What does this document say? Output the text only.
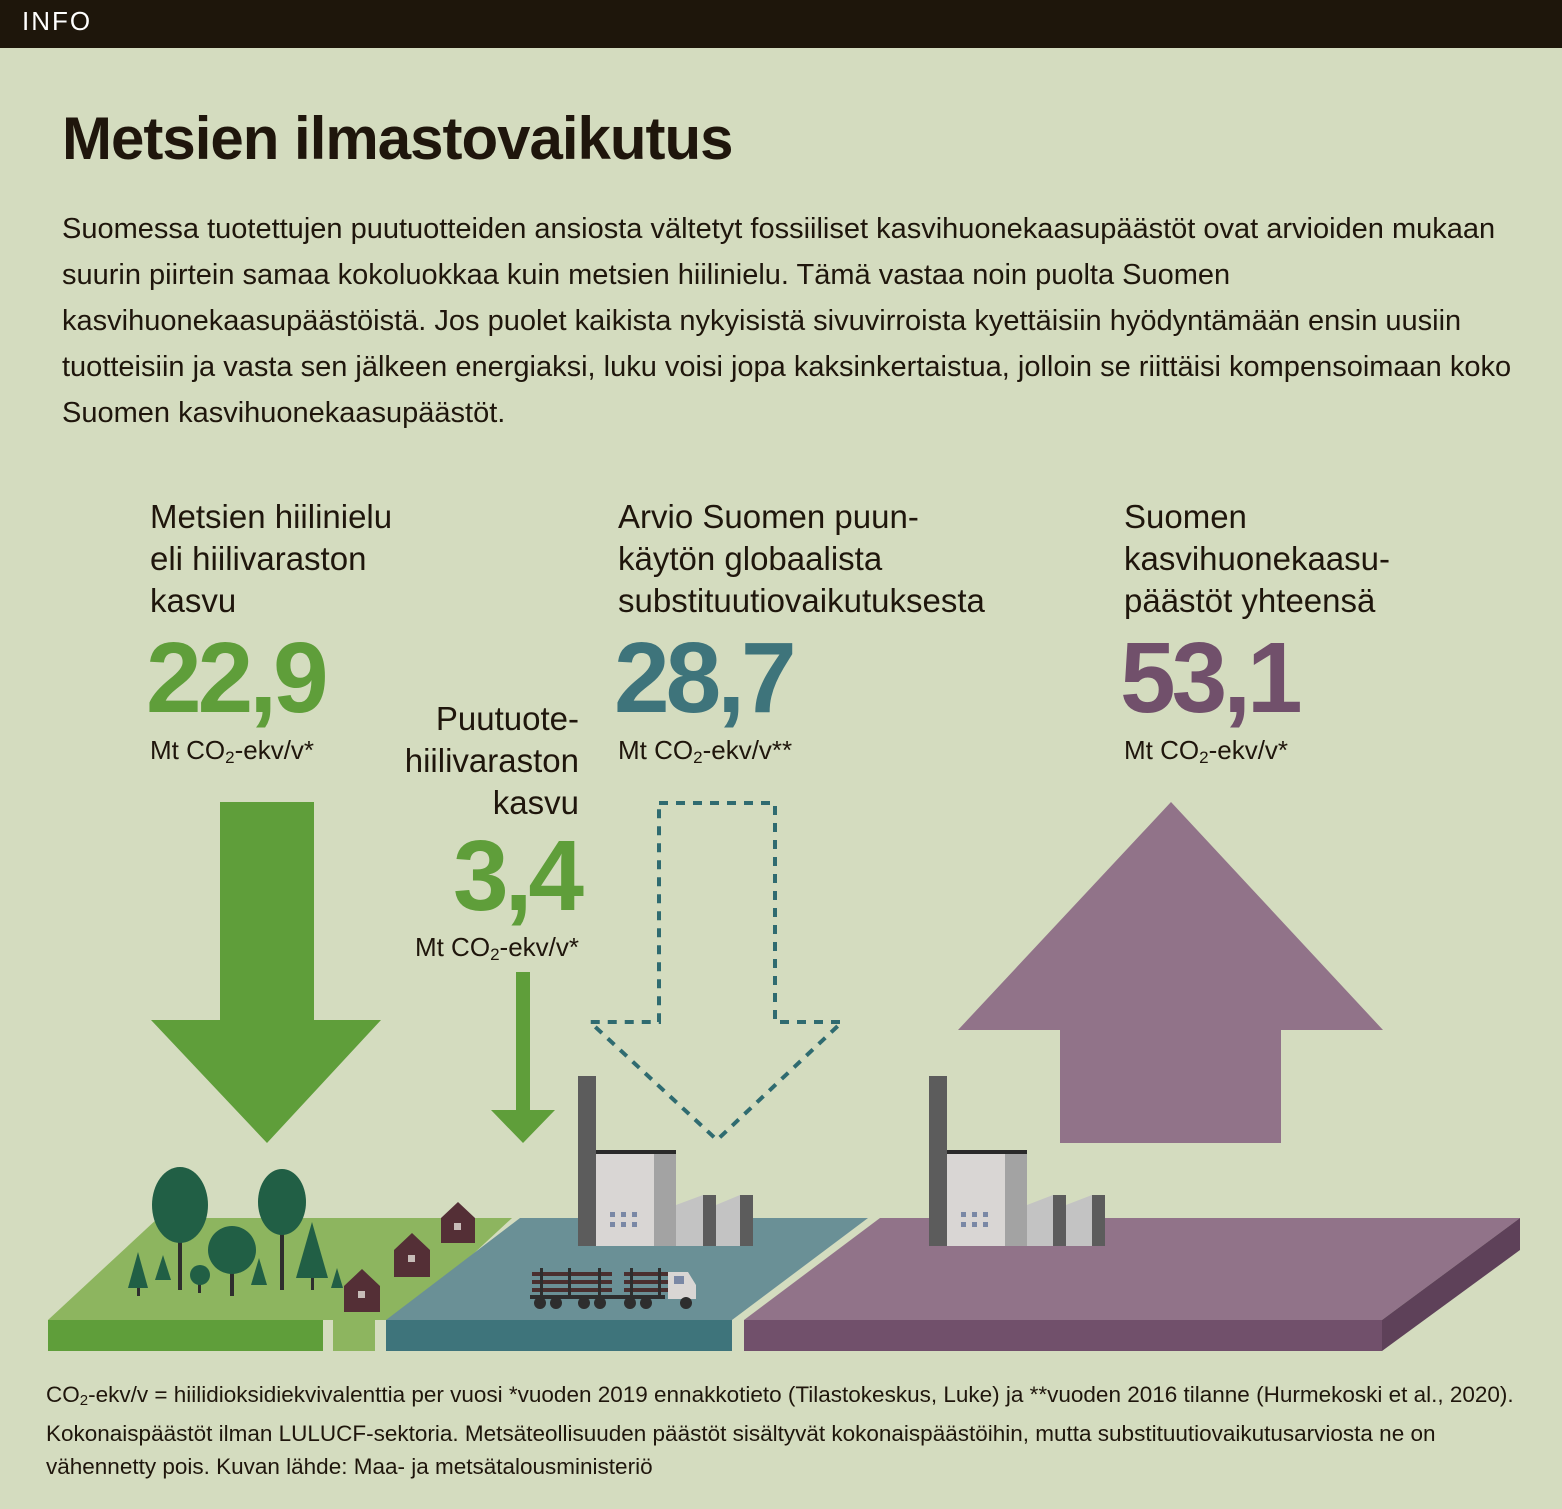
INFO
Metsien ilmastovaikutus

Suomessa tuotettujen puutuotteiden ansiosta vältetyt fossiiliset kasvihuonekaasupäästöt ovat arvioiden mukaan suurin piirtein samaa kokoluokkaa kuin metsien hiilinielu. Tämä vastaa noin puolta Suomen kasvihuonekaasupäästöistä. Jos puolet kaikista nykyisistä sivuvirroista kyettäisiin hyödyntämään ensin uusiin tuotteisiin ja vasta sen jälkeen energiaksi, luku voisi jopa kaksinkertaistua, jolloin se riittäisi kompensoimaan koko Suomen kasvihuonekaasupäästöt.

Metsien hiilinielu
eli hiilivaraston
kasvu
22,9
Mt $CO_2-ekv/v*$
Puutuote-
hiilivaraston
kasvu
3,4
Mt $CO_2-ekv/v*$
Arvio Suomen puun-
käytön globaalista
substituutiovaikutuksesta
28,7
Mt $CO_2-ekv/v**$
Suomen
kasvihuonekaasu-
päästöt yhteensä
53,1
Mt $CO_2-ekv/v*$

$CO_2-ekv/v$ = hiilidioksidiekvivalenttia per vuosi *vuoden 2019 ennakkotieto (Tilastokeskus, Luke) ja **vuoden 2016 tilanne (Hurmekoski et al., 2020). Kokonaispäästöt ilman LULUCF-sektoria. Metsäteollisuuden päästöt sisältyvät kokonaispäästöihin, mutta substituutiovaikutusarviosta ne on vähennetty pois. Kuvan lähde: Maa- ja metsätalousministeriö
